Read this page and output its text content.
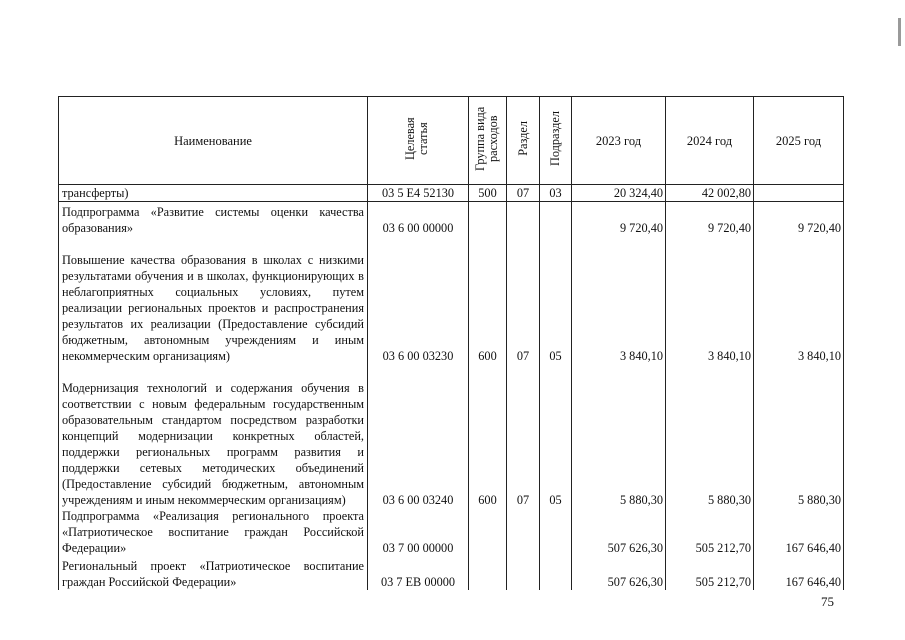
Наименование	Целевая статья	Группа вида расходов	Раздел	Подраздел	2023 год	2024 год	2025 год
трансферты)	03 5 Е4 52130	500	07	03	20 324,40	42 002,80	
Подпрограмма «Развитие системы оценки качества образования»	03 6 00 00000				9 720,40	9 720,40	9 720,40
Повышение качества образования в школах с низкими результатами обучения и в школах, функционирующих в неблагоприятных социальных условиях, путем реализации региональных проектов и распространения результатов их реализации (Предоставление субсидий бюджетным, автономным учреждениям и иным некоммерческим организациям)	03 6 00 03230	600	07	05	3 840,10	3 840,10	3 840,10
Модернизация технологий и содержания обучения в соответствии с новым федеральным государственным образовательным стандартом посредством разработки концепций модернизации конкретных областей, поддержки региональных программ развития и поддержки сетевых методических объединений (Предоставление субсидий бюджетным, автономным учреждениям и иным некоммерческим организациям)	03 6 00 03240	600	07	05	5 880,30	5 880,30	5 880,30
Подпрограмма «Реализация регионального проекта «Патриотическое воспитание граждан Российской Федерации»	03 7 00 00000				507 626,30	505 212,70	167 646,40
Региональный проект «Патриотическое воспитание граждан Российской Федерации»	03 7 ЕВ 00000				507 626,30	505 212,70	167 646,40
75
